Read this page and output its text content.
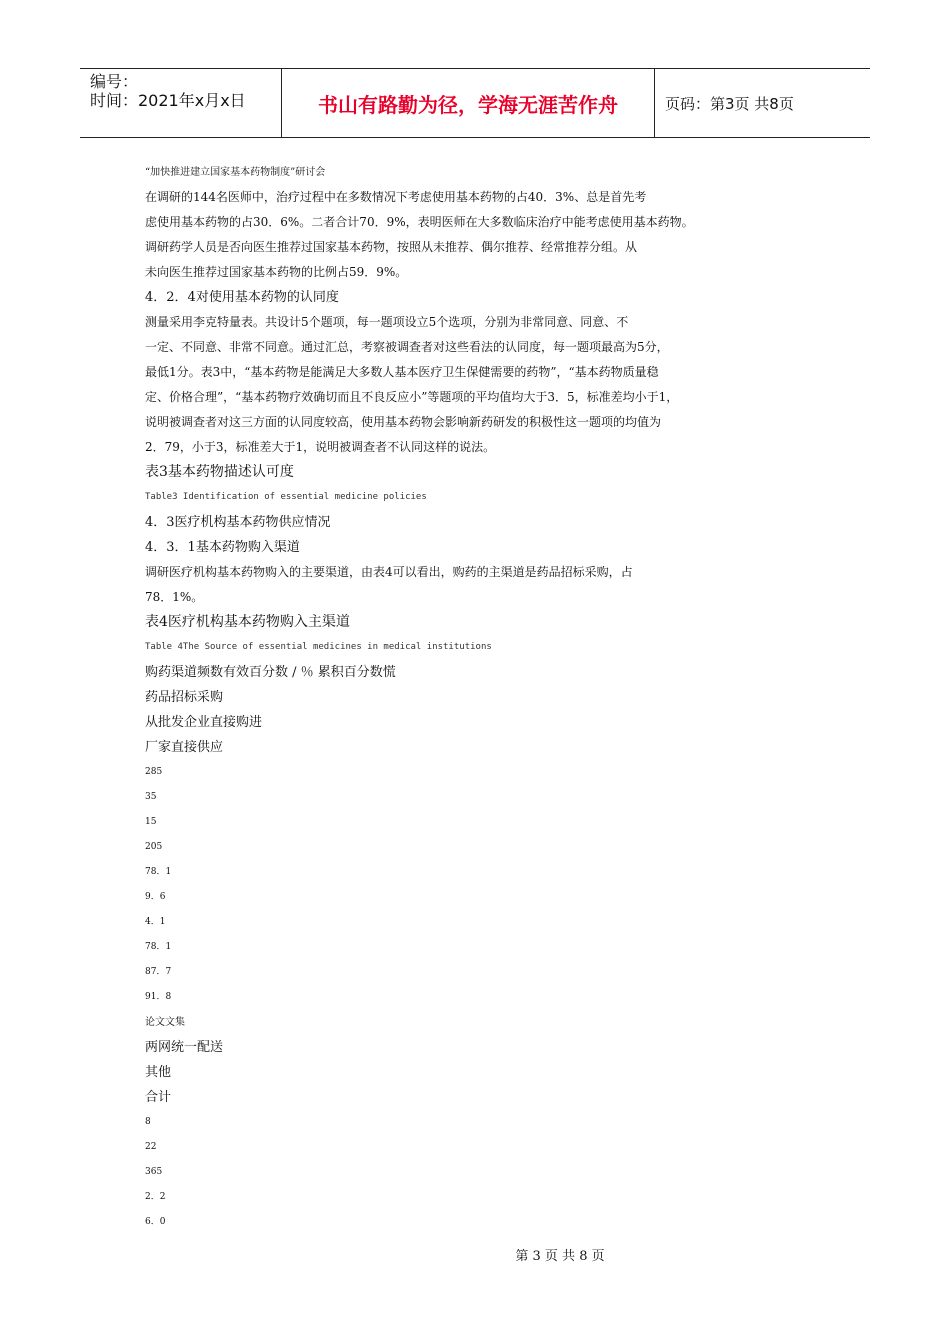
编号：
时间：2021年x月x日	书山有路勤为径，学海无涯苦作舟	页码：第3页 共8页
“加快推进建立国家基本药物制度”研讨会
在调研的144名医师中，治疗过程中在多数情况下考虑使用基本药物的占40．3%、总是首先考
虑使用基本药物的占30．6%。二者合计70．9%，表明医师在大多数临床治疗中能考虑使用基本药物。
调研药学人员是否向医生推荐过国家基本药物，按照从未推荐、偶尔推荐、经常推荐分组。从
未向医生推荐过国家基本药物的比例占59．9%。
4．2．4对使用基本药物的认同度
测量采用李克特量表。共设计5个题项，每一题项设立5个选项，分别为非常同意、同意、不
一定、不同意、非常不同意。通过汇总，考察被调查者对这些看法的认同度，每一题项最高为5分，
最低1分。表3中，“基本药物是能满足大多数人基本医疗卫生保健需要的药物”，“基本药物质量稳
定、价格合理”，“基本药物疗效确切而且不良反应小”等题项的平均值均大于3．5，标准差均小于1，
说明被调查者对这三方面的认同度较高，使用基本药物会影响新药研发的积极性这一题项的均值为
2．79，小于3，标准差大于1，说明被调查者不认同这样的说法。
表3基本药物描述认可度
Table3 Identification of essential medicine policies
4．3医疗机构基本药物供应情况
4．3．1基本药物购入渠道
调研医疗机构基本药物购入的主要渠道，由表4可以看出，购药的主渠道是药品招标采购，占
78．1%。
表4医疗机构基本药物购入主渠道
Table 4The Source of essential medicines in medical institutions
购药渠道频数有效百分数 / ％ 累积百分数慌
药品招标采购
从批发企业直接购进
厂家直接供应
285
35
15
205
78．1
9．6
4．1
78．1
87．7
91．8
论文文集
两网统一配送
其他
合计
8
22
365
2．2
6．0
第 3 页 共 8 页
